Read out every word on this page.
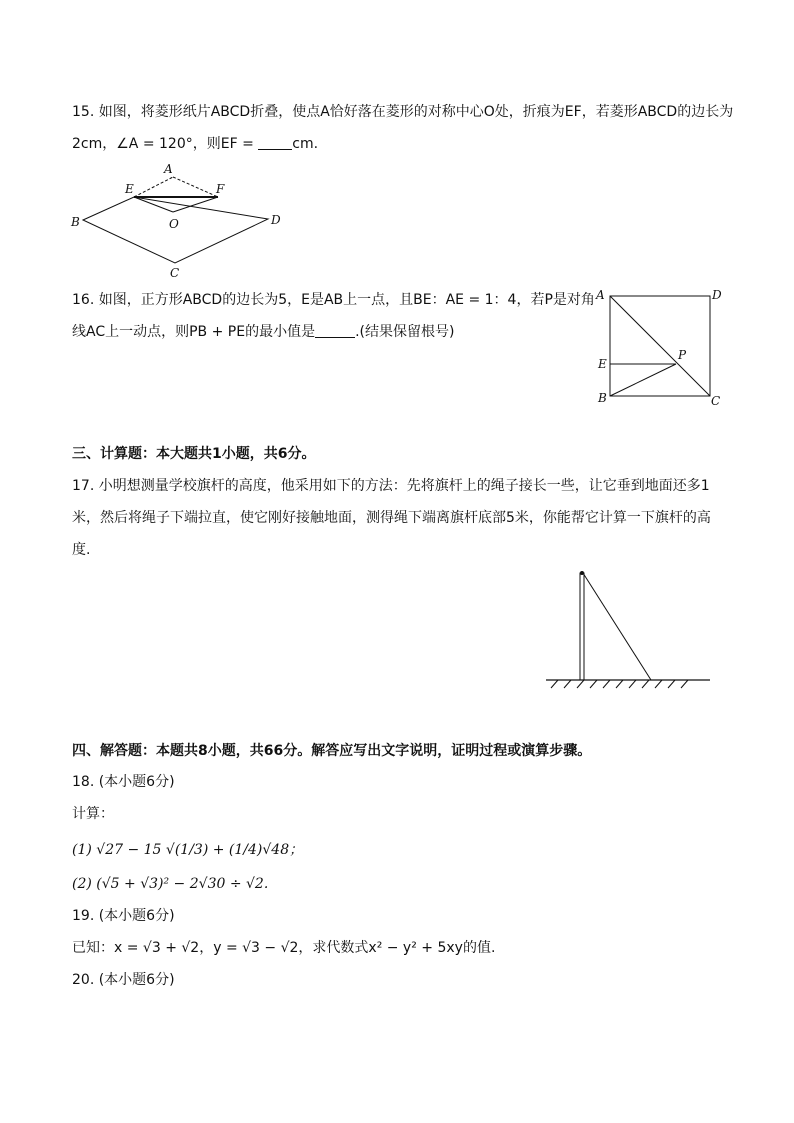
15. 如图，将菱形纸片ABCD折叠，使点A恰好落在菱形的对称中心O处，折痕为EF，若菱形ABCD的边长为
2cm，∠A = 120°，则EF = cm.
A
E	F
B	O	D
C
16. 如图，正方形ABCD的边长为5，E是AB上一点，且BE：AE = 1：4，若P是对角
线AC上一动点，则PB + PE的最小值是	.(结果保留根号)
A	D
E
P
B	C
三、计算题：本大题共1小题，共6分。
17. 小明想测量学校旗杆的高度，他采用如下的方法：先将旗杆上的绳子接长一些，让它垂到地面还多1
米，然后将绳子下端拉直，使它刚好接触地面，测得绳下端离旗杆底部5米，你能帮它计算一下旗杆的高
度.
四、解答题：本题共8小题，共66分。解答应写出文字说明，证明过程或演算步骤。
18. (本小题6分)
计算：
(1) √27 − 15 √(1/3) + (1/4)√48；
(2) (√5 + √3)² − 2√30 ÷ √2.
19. (本小题6分)
已知：x = √3 + √2，y = √3 − √2，求代数式x² − y² + 5xy的值.
20. (本小题6分)
